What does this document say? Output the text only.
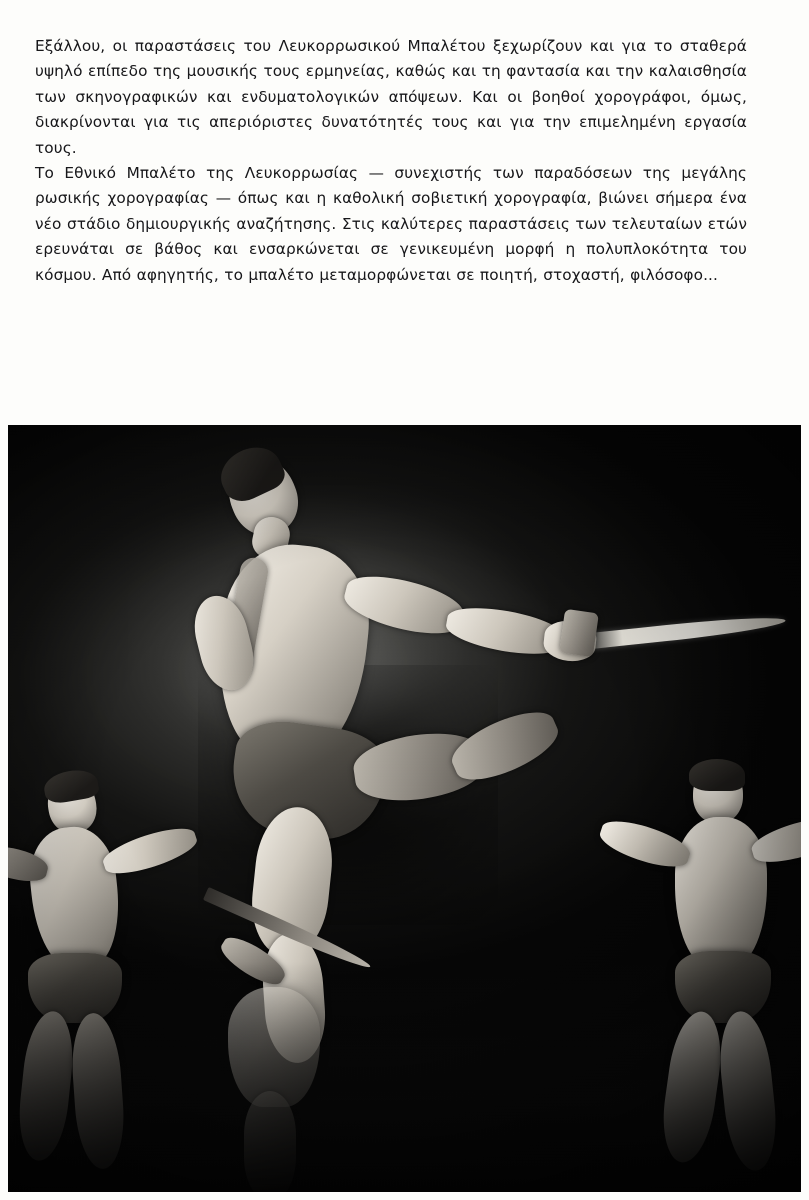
Εξάλλου, οι παραστάσεις του Λευκορρωσικού Μπαλέτου ξεχωρίζουν και για το σταθερά υψηλό επίπεδο της μουσικής τους ερμηνείας, καθώς και τη φαντασία και την καλαισθησία των σκηνογραφικών και ενδυματολογικών απόψεων. Και οι βοηθοί χορογράφοι, όμως, διακρίνονται για τις απεριόριστες δυνατότητές τους και για την επιμελημένη εργασία τους.

Το Εθνικό Μπαλέτο της Λευκορρωσίας — συνεχιστής των παραδόσεων της μεγάλης ρωσικής χορογραφίας — όπως και η καθολική σοβιετική χορογραφία, βιώνει σήμερα ένα νέο στάδιο δημιουργικής αναζήτησης. Στις καλύτερες παραστάσεις των τελευταίων ετών ερευνάται σε βάθος και ενσαρκώνεται σε γενικευμένη μορφή η πολυπλοκότητα του κόσμου. Από αφηγητής, το μπαλέτο μεταμορφώνεται σε ποιητή, στοχαστή, φιλόσοφο...
